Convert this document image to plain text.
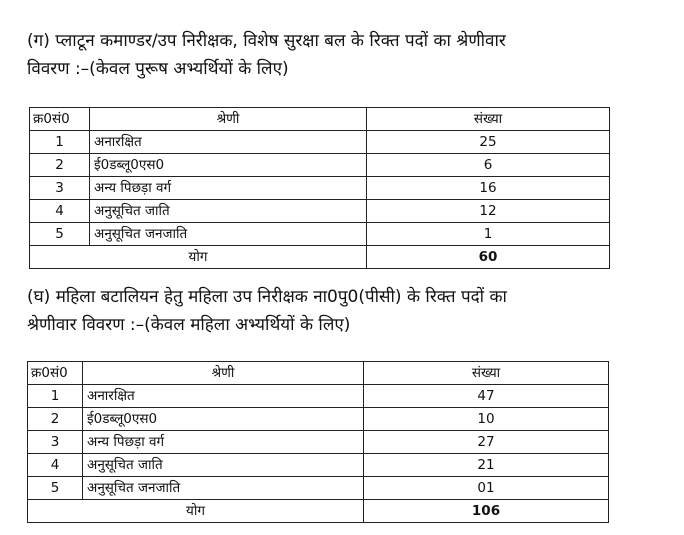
(ग) प्लाटून कमाण्डर/उप निरीक्षक, विशेष सुरक्षा बल के रिक्त पदों का श्रेणीवार
विवरण :–(केवल पुरूष अभ्यर्थियों के लिए)
क्र0सं0	श्रेणी	संख्या
1	अनारक्षित	25
2	ई0डब्लू0एस0	6
3	अन्य पिछड़ा वर्ग	16
4	अनुसूचित जाति	12
5	अनुसूचित जनजाति	1
योग		60
(घ) महिला बटालियन हेतु महिला उप निरीक्षक ना0पु0(पीसी) के रिक्त पदों का
श्रेणीवार विवरण :–(केवल महिला अभ्यर्थियों के लिए)
क्र0सं0	श्रेणी	संख्या
1	अनारक्षित	47
2	ई0डब्लू0एस0	10
3	अन्य पिछड़ा वर्ग	27
4	अनुसूचित जाति	21
5	अनुसूचित जनजाति	01
योग		106
